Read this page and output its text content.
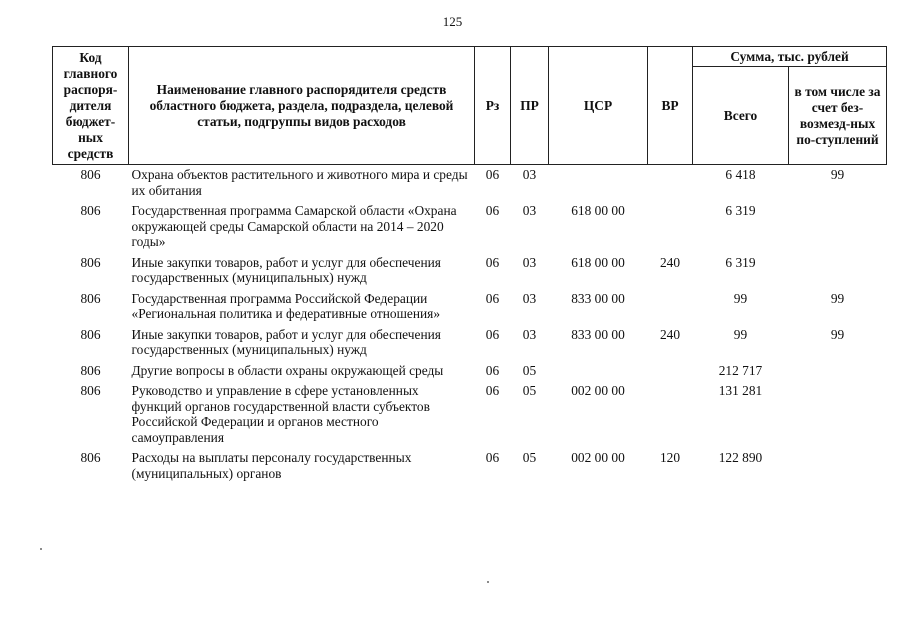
125
Код главного распоря-дителя бюджет-ных средств	Наименование главного распорядителя средств областного бюджета, раздела, подраздела, целевой статьи, подгруппы видов расходов	Рз	ПР	ЦСР	ВР	Сумма, тыс. рублей	
						Всего	в том числе за счет без-возмезд-ных по-ступлений
806	Охрана объектов растительного и животного мира и среды их обитания	06	03			6 418	99
806	Государственная программа Самарской области «Охрана окружающей среды Самарской области на 2014 – 2020 годы»	06	03	618 00 00		6 319	
806	Иные закупки товаров, работ и услуг для обеспечения государственных (муниципальных) нужд	06	03	618 00 00	240	6 319	
806	Государственная программа Российской Федерации «Региональная политика и федеративные отношения»	06	03	833 00 00		99	99
806	Иные закупки товаров, работ и услуг для обеспечения государственных (муниципальных) нужд	06	03	833 00 00	240	99	99
806	Другие вопросы в области охраны окружающей среды	06	05			212 717	
806	Руководство и управление в сфере установленных функций органов государственной власти субъектов Российской Федерации и органов местного самоуправления	06	05	002 00 00		131 281	
806	Расходы на выплаты персоналу государственных (муниципальных) органов	06	05	002 00 00	120	122 890	
